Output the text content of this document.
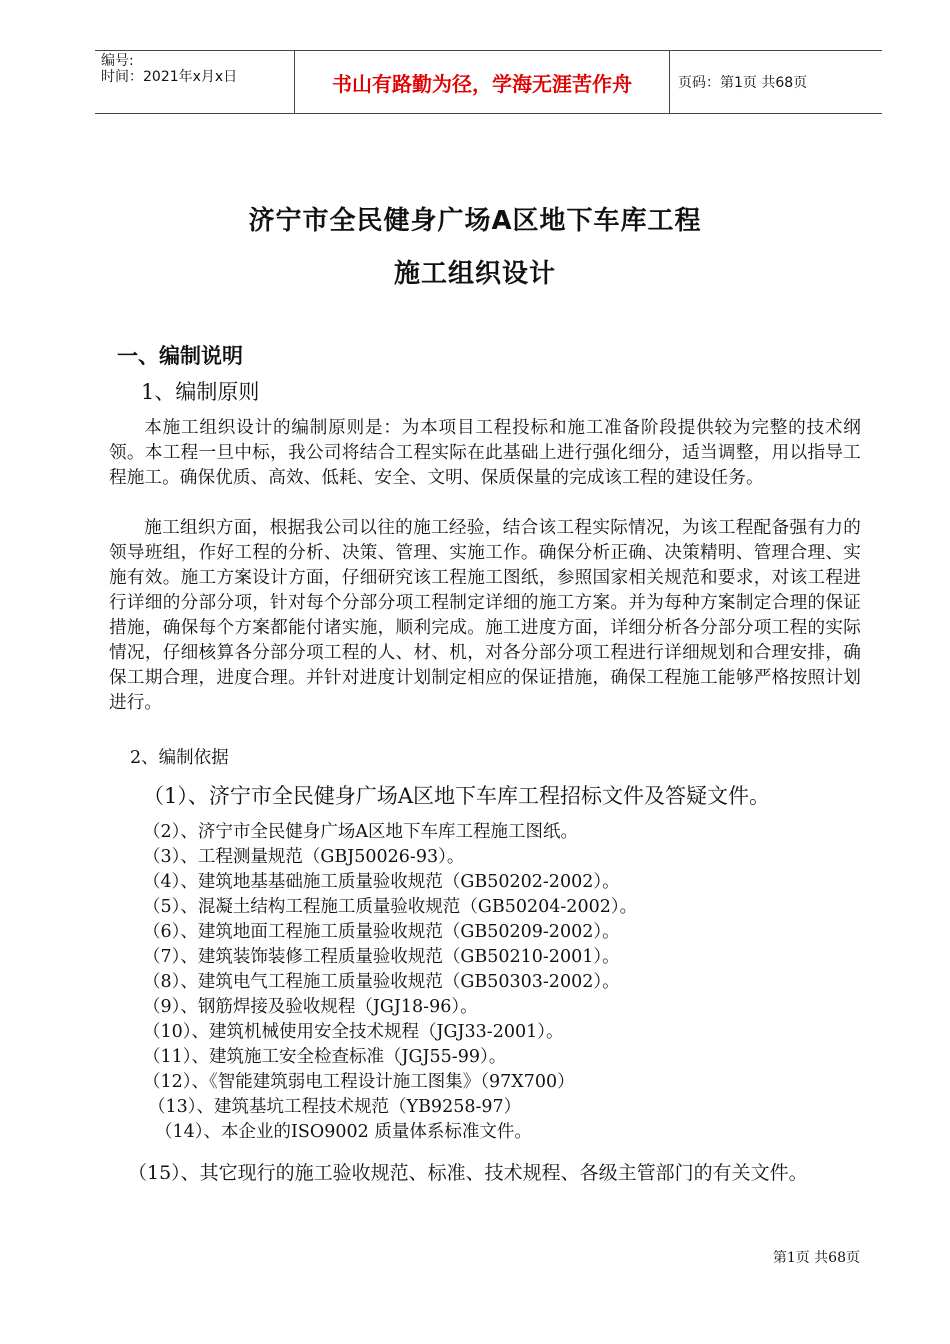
编号:
时间：2021年x月x日	书山有路勤为径，学海无涯苦作舟	页码：第1页 共68页
济宁市全民健身广场A区地下车库工程
施工组织设计
一、编制说明
1、编制原则
本施工组织设计的编制原则是：为本项目工程投标和施工准备阶段提供较为完整的技术纲领。本工程一旦中标，我公司将结合工程实际在此基础上进行强化细分，适当调整，用以指导工程施工。确保优质、高效、低耗、安全、文明、保质保量的完成该工程的建设任务。
施工组织方面，根据我公司以往的施工经验，结合该工程实际情况，为该工程配备强有力的领导班组，作好工程的分析、决策、管理、实施工作。确保分析正确、决策精明、管理合理、实施有效。施工方案设计方面，仔细研究该工程施工图纸，参照国家相关规范和要求，对该工程进行详细的分部分项，针对每个分部分项工程制定详细的施工方案。并为每种方案制定合理的保证措施，确保每个方案都能付诸实施，顺利完成。施工进度方面，详细分析各分部分项工程的实际情况，仔细核算各分部分项工程的人、材、机，对各分部分项工程进行详细规划和合理安排，确保工期合理，进度合理。并针对进度计划制定相应的保证措施，确保工程施工能够严格按照计划进行。
2、编制依据
（1）、济宁市全民健身广场A区地下车库工程招标文件及答疑文件。
（2）、济宁市全民健身广场A区地下车库工程施工图纸。
（3）、工程测量规范（GBJ50026-93）。
（4）、建筑地基基础施工质量验收规范（GB50202-2002）。
（5）、混凝土结构工程施工质量验收规范（GB50204-2002）。
（6）、建筑地面工程施工质量验收规范（GB50209-2002）。
（7）、建筑装饰装修工程质量验收规范（GB50210-2001）。
（8）、建筑电气工程施工质量验收规范（GB50303-2002）。
（9）、钢筋焊接及验收规程（JGJ18-96）。
（10）、建筑机械使用安全技术规程（JGJ33-2001）。
（11）、建筑施工安全检查标准（JGJ55-99）。
（12）、《智能建筑弱电工程设计施工图集》（97X700）
（13）、建筑基坑工程技术规范（YB9258-97）
（14）、本企业的ISO9002 质量体系标准文件。
（15）、其它现行的施工验收规范、标准、技术规程、各级主管部门的有关文件。
第1页 共68页
